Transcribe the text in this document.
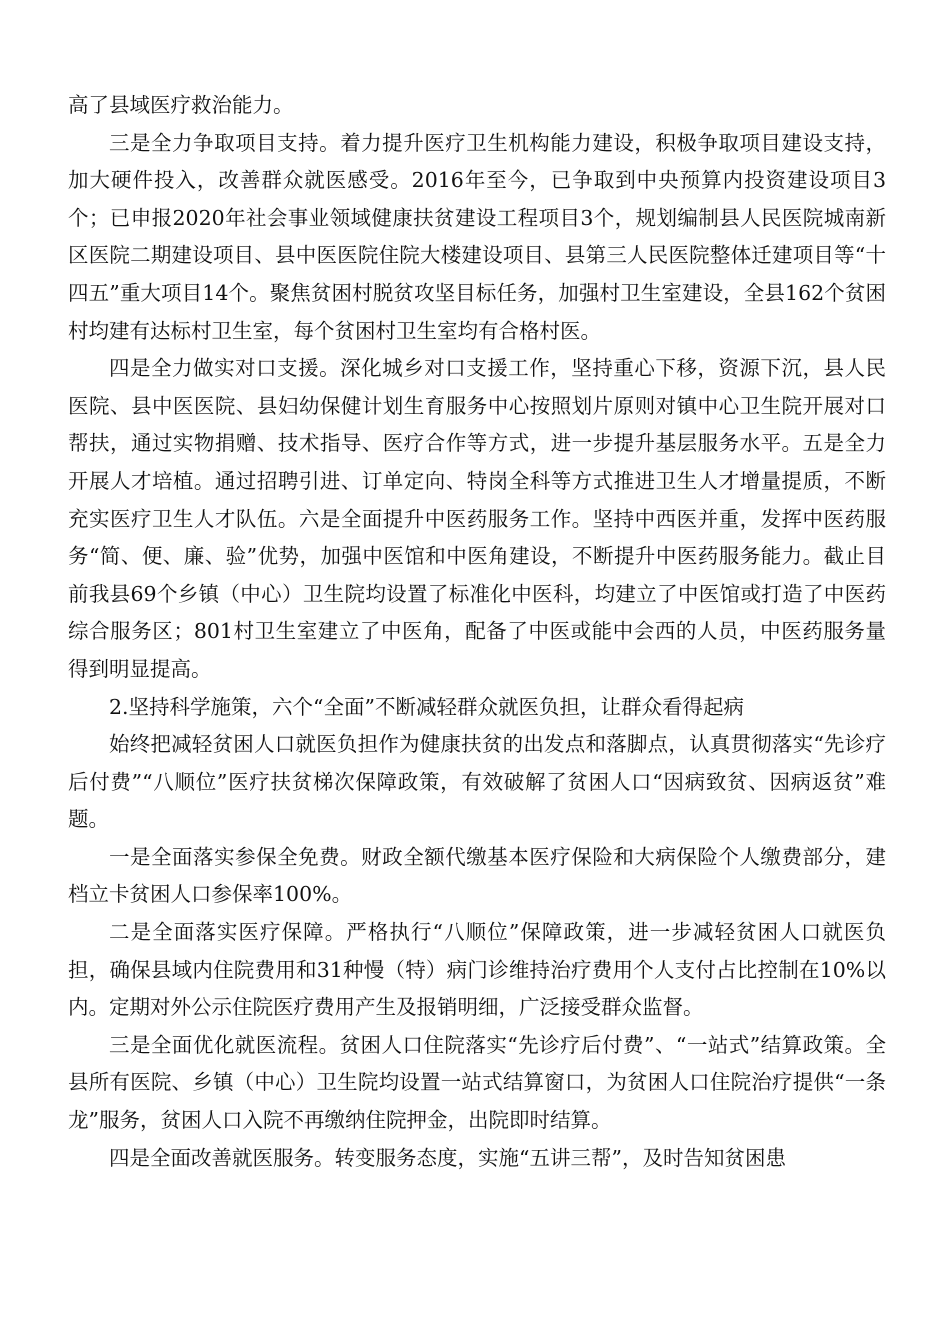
高了县域医疗救治能力。

三是全力争取项目支持。着力提升医疗卫生机构能力建设，积极争取项目建设支持，加大硬件投入，改善群众就医感受。2016年至今，已争取到中央预算内投资建设项目3个；已申报2020年社会事业领域健康扶贫建设工程项目3个，规划编制县人民医院城南新区医院二期建设项目、县中医医院住院大楼建设项目、县第三人民医院整体迁建项目等“十四五”重大项目14个。聚焦贫困村脱贫攻坚目标任务，加强村卫生室建设，全县162个贫困村均建有达标村卫生室，每个贫困村卫生室均有合格村医。

四是全力做实对口支援。深化城乡对口支援工作，坚持重心下移，资源下沉，县人民医院、县中医医院、县妇幼保健计划生育服务中心按照划片原则对镇中心卫生院开展对口帮扶，通过实物捐赠、技术指导、医疗合作等方式，进一步提升基层服务水平。五是全力开展人才培植。通过招聘引进、订单定向、特岗全科等方式推进卫生人才增量提质，不断充实医疗卫生人才队伍。六是全面提升中医药服务工作。坚持中西医并重，发挥中医药服务“简、便、廉、验”优势，加强中医馆和中医角建设，不断提升中医药服务能力。截止目前我县69个乡镇（中心）卫生院均设置了标准化中医科，均建立了中医馆或打造了中医药综合服务区；801村卫生室建立了中医角，配备了中医或能中会西的人员，中医药服务量得到明显提高。

2.坚持科学施策，六个“全面”不断减轻群众就医负担，让群众看得起病

始终把减轻贫困人口就医负担作为健康扶贫的出发点和落脚点，认真贯彻落实“先诊疗后付费”“八顺位”医疗扶贫梯次保障政策，有效破解了贫困人口“因病致贫、因病返贫”难题。

一是全面落实参保全免费。财政全额代缴基本医疗保险和大病保险个人缴费部分，建档立卡贫困人口参保率100%。

二是全面落实医疗保障。严格执行“八顺位”保障政策，进一步减轻贫困人口就医负担，确保县域内住院费用和31种慢（特）病门诊维持治疗费用个人支付占比控制在10%以内。定期对外公示住院医疗费用产生及报销明细，广泛接受群众监督。

三是全面优化就医流程。贫困人口住院落实“先诊疗后付费”、“一站式”结算政策。全县所有医院、乡镇（中心）卫生院均设置一站式结算窗口，为贫困人口住院治疗提供“一条龙”服务，贫困人口入院不再缴纳住院押金，出院即时结算。

四是全面改善就医服务。转变服务态度，实施“五讲三帮”，及时告知贫困患
